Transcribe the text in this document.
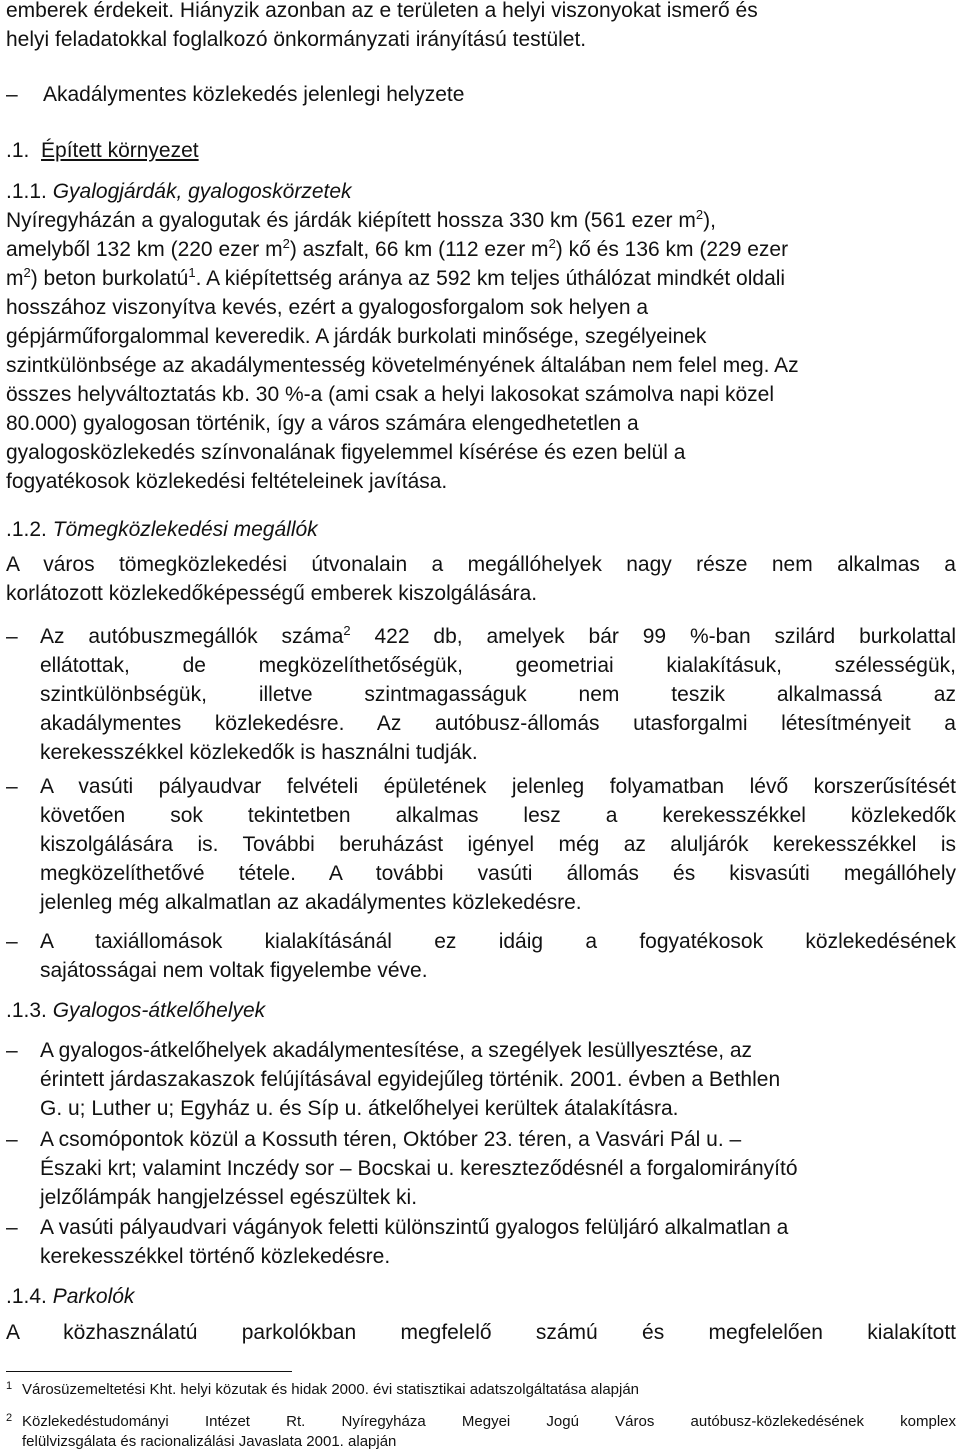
emberek érdekeit. Hiányzik azonban az e területen a helyi viszonyokat ismerő és
helyi feladatokkal foglalkozó önkormányzati irányítású testület.

– Akadálymentes közlekedés jelenlegi helyzete

.1. Épített környezet

.1.1. Gyalogjárdák, gyalogoskörzetek

Nyíregyházán a gyalogutak és járdák kiépített hossza 330 km (561 ezer $m^2$),
amelyből 132 km (220 ezer $m^2$) aszfalt, 66 km (112 ezer $m^2$) kő és 136 km (229 ezer
$m^2$) beton burkolatú$^1$. A kiépítettség aránya az 592 km teljes úthálózat mindkét oldali
hosszához viszonyítva kevés, ezért a gyalogosforgalom sok helyen a
gépjárműforgalommal keveredik. A járdák burkolati minősége, szegélyeinek
szintkülönbsége az akadálymentesség követelményének általában nem felel meg. Az
összes helyváltoztatás kb. 30 %-a (ami csak a helyi lakosokat számolva napi közel
80.000) gyalogosan történik, így a város számára elengedhetetlen a
gyalogosközlekedés színvonalának figyelemmel kísérése és ezen belül a
fogyatékosok közlekedési feltételeinek javítása.

.1.2. Tömegközlekedési megállók

A város tömegközlekedési útvonalain a megállóhelyek nagy része nem alkalmas a
korlátozott közlekedőképességű emberek kiszolgálására.

– Az autóbuszmegállók száma$^2$ 422 db, amelyek bár 99 %-ban szilárd burkolattal
ellátottak, de megközelíthetőségük, geometriai kialakításuk, szélességük,
szintkülönbségük, illetve szintmagasságuk nem teszik alkalmassá az
akadálymentes közlekedésre. Az autóbusz-állomás utasforgalmi létesítményeit a
kerekesszékkel közlekedők is használni tudják.

– A vasúti pályaudvar felvételi épületének jelenleg folyamatban lévő korszerűsítését
követően sok tekintetben alkalmas lesz a kerekesszékkel közlekedők
kiszolgálására is. További beruházást igényel még az aluljárók kerekesszékkel is
megközelíthetővé tétele. A további vasúti állomás és kisvasúti megállóhely
jelenleg még alkalmatlan az akadálymentes közlekedésre.

– A taxiállomások kialakításánál ez idáig a fogyatékosok közlekedésének
sajátosságai nem voltak figyelembe véve.

.1.3. Gyalogos-átkelőhelyek

– A gyalogos-átkelőhelyek akadálymentesítése, a szegélyek lesüllyesztése, az
érintett járdaszakaszok felújításával egyidejűleg történik. 2001. évben a Bethlen
G. u; Luther u; Egyház u. és Síp u. átkelőhelyei kerültek átalakításra.

– A csomópontok közül a Kossuth téren, Október 23. téren, a Vasvári Pál u. –
Északi krt; valamint Inczédy sor – Bocskai u. kereszteződésnél a forgalomirányító
jelzőlámpák hangjelzéssel egészültek ki.

– A vasúti pályaudvari vágányok feletti különszintű gyalogos felüljáró alkalmatlan a
kerekesszékkel történő közlekedésre.

.1.4. Parkolók

A közhasználatú parkolókban megfelelő számú és megfelelően kialakított

1 Városüzemeltetési Kht. helyi közutak és hidak 2000. évi statisztikai adatszolgáltatása alapján
2 Közlekedéstudományi Intézet Rt. Nyíregyháza Megyei Jogú Város autóbusz-közlekedésének komplex
felülvizsgálata és racionalizálási Javaslata 2001. alapján
